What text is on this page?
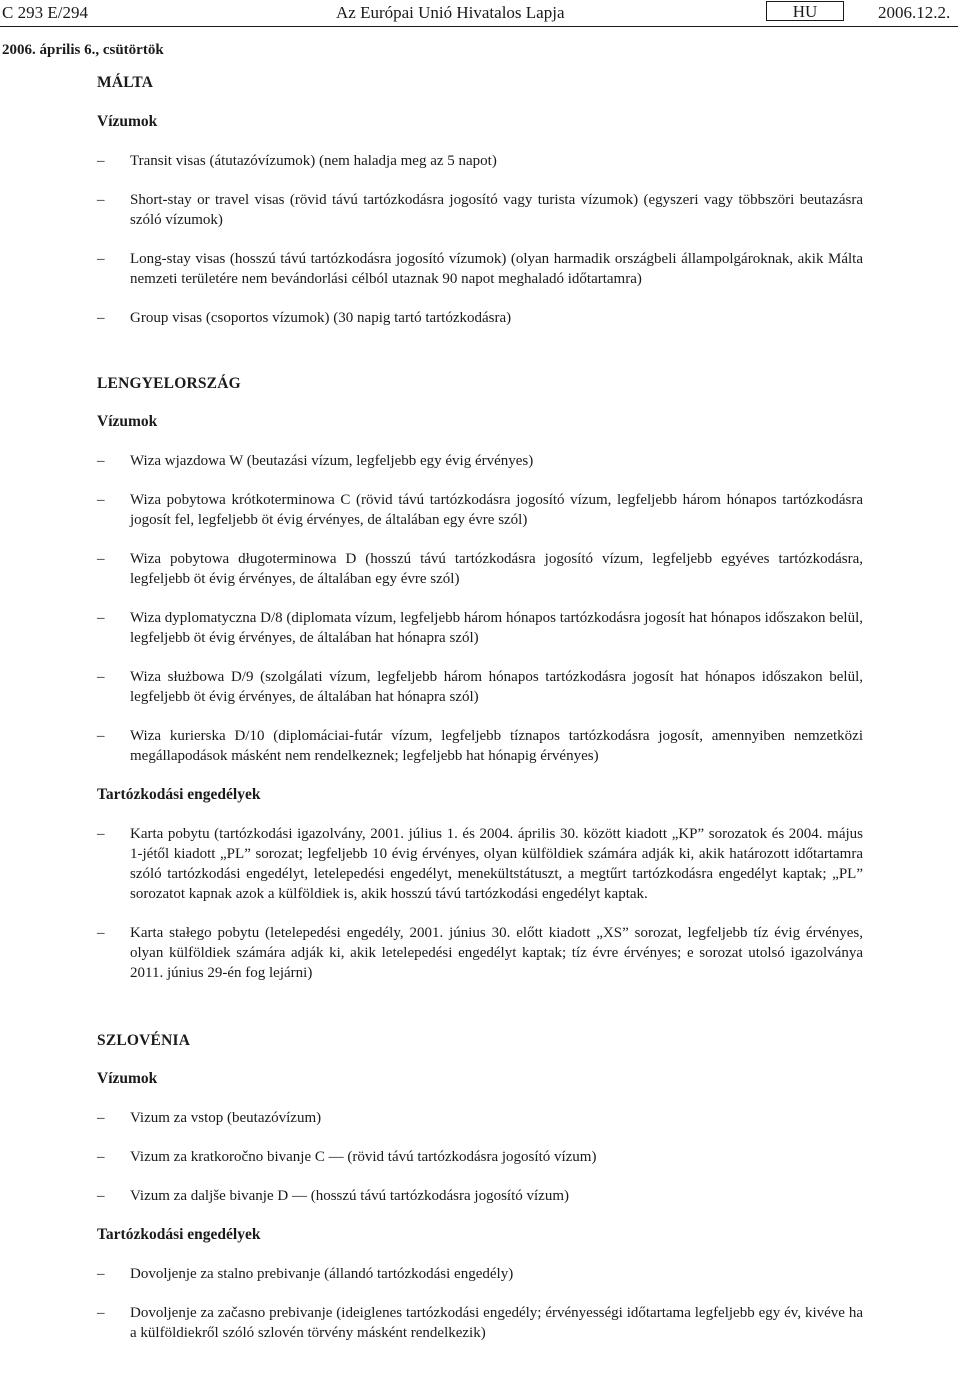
C 293 E/294	Az Európai Unió Hivatalos Lapja	HU	2006.12.2.
2006. április 6., csütörtök
MÁLTA
Vízumok
– Transit visas (átutazóvízumok) (nem haladja meg az 5 napot)
– Short-stay or travel visas (rövid távú tartózkodásra jogosító vagy turista vízumok) (egyszeri vagy többszöri beutazásra szóló vízumok)
– Long-stay visas (hosszú távú tartózkodásra jogosító vízumok) (olyan harmadik országbeli állampolgároknak, akik Málta nemzeti területére nem bevándorlási célból utaznak 90 napot meghaladó időtartamra)
– Group visas (csoportos vízumok) (30 napig tartó tartózkodásra)
LENGYELORSZÁG
Vízumok
– Wiza wjazdowa W (beutazási vízum, legfeljebb egy évig érvényes)
– Wiza pobytowa krótkoterminowa C (rövid távú tartózkodásra jogosító vízum, legfeljebb három hónapos tartózkodásra jogosít fel, legfeljebb öt évig érvényes, de általában egy évre szól)
– Wiza pobytowa długoterminowa D (hosszú távú tartózkodásra jogosító vízum, legfeljebb egyéves tartózkodásra, legfeljebb öt évig érvényes, de általában egy évre szól)
– Wiza dyplomatyczna D/8 (diplomata vízum, legfeljebb három hónapos tartózkodásra jogosít hat hónapos időszakon belül, legfeljebb öt évig érvényes, de általában hat hónapra szól)
– Wiza służbowa D/9 (szolgálati vízum, legfeljebb három hónapos tartózkodásra jogosít hat hónapos időszakon belül, legfeljebb öt évig érvényes, de általában hat hónapra szól)
– Wiza kurierska D/10 (diplomáciai-futár vízum, legfeljebb tíznapos tartózkodásra jogosít, amennyiben nemzetközi megállapodások másként nem rendelkeznek; legfeljebb hat hónapig érvényes)
Tartózkodási engedélyek
– Karta pobytu (tartózkodási igazolvány, 2001. július 1. és 2004. április 30. között kiadott „KP” sorozatok és 2004. május 1-jétől kiadott „PL” sorozat; legfeljebb 10 évig érvényes, olyan külföldiek számára adják ki, akik határozott időtartamra szóló tartózkodási engedélyt, letelepedési engedélyt, menekültstátuszt, a megtűrt tartózkodásra engedélyt kaptak; „PL” sorozatot kapnak azok a külföldiek is, akik hosszú távú tartózkodási engedélyt kaptak.
– Karta stałego pobytu (letelepedési engedély, 2001. június 30. előtt kiadott „XS” sorozat, legfeljebb tíz évig érvényes, olyan külföldiek számára adják ki, akik letelepedési engedélyt kaptak; tíz évre érvényes; e sorozat utolsó igazolványa 2011. június 29-én fog lejárni)
SZLOVÉNIA
Vízumok
– Vizum za vstop (beutazóvízum)
– Vizum za kratkoročno bivanje C — (rövid távú tartózkodásra jogosító vízum)
– Vizum za daljše bivanje D — (hosszú távú tartózkodásra jogosító vízum)
Tartózkodási engedélyek
– Dovoljenje za stalno prebivanje (állandó tartózkodási engedély)
– Dovoljenje za začasno prebivanje (ideiglenes tartózkodási engedély; érvényességi időtartama legfeljebb egy év, kivéve ha a külföldiekről szóló szlovén törvény másként rendelkezik)
